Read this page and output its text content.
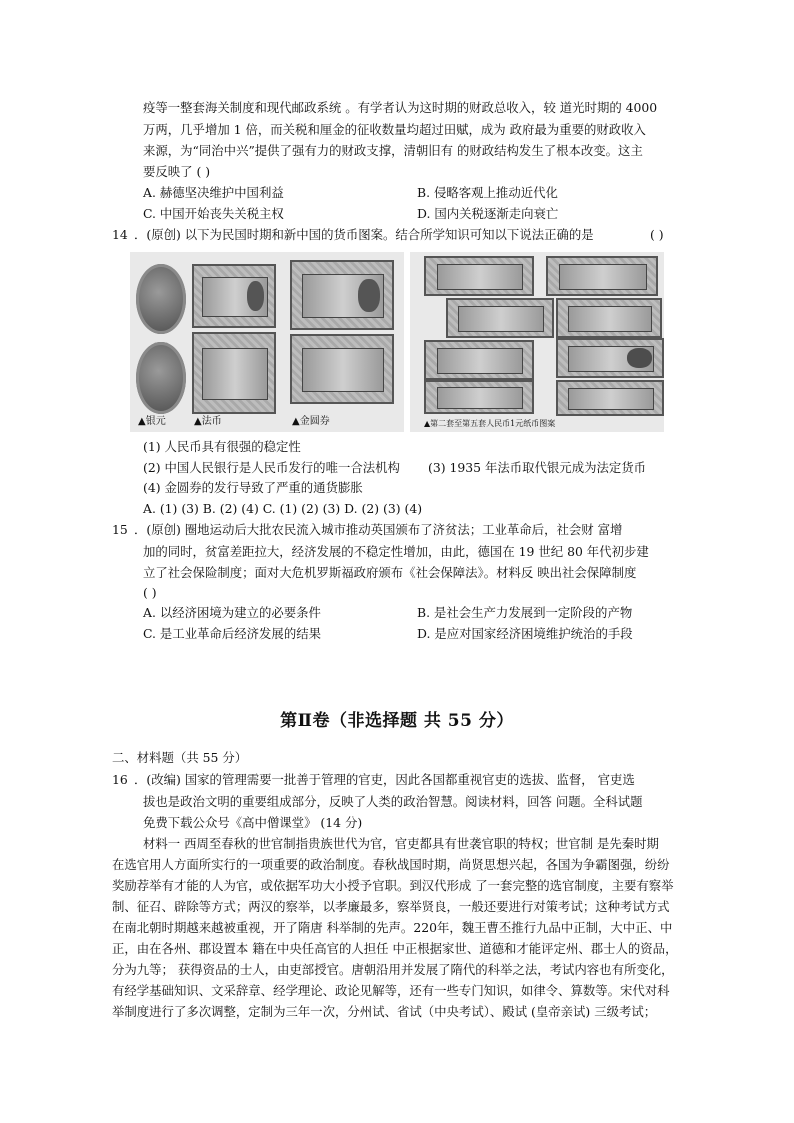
疫等一整套海关制度和现代邮政系统 。有学者认为这时期的财政总收入，较 道光时期的 4000
万两，几乎增加 1 倍，而关税和厘金的征收数量均超过田赋，成为 政府最为重要的财政收入
来源，为“同治中兴”提供了强有力的财政支撑，清朝旧有 的财政结构发生了根本改变。这主
要反映了 ( )
A. 赫德坚决维护中国利益	B. 侵略客观上推动近代化
C. 中国开始丧失关税主权	D. 国内关税逐渐走向衰亡
14 ．(原创) 以下为民国时期和新中国的货币图案。结合所学知识可知以下说法正确的是	( )
▲银元	▲法币	▲金圆券	▲第二套至第五套人民币1元纸币图案
(1) 人民币具有很强的稳定性
(2) 中国人民银行是人民币发行的唯一合法机构 (3) 1935 年法币取代银元成为法定货币
(4) 金圆券的发行导致了严重的通货膨胀
A. (1) (3) B. (2) (4) C. (1) (2) (3) D. (2) (3) (4)
15 ．(原创) 圈地运动后大批农民流入城市推动英国颁布了济贫法；工业革命后，社会财 富增
加的同时，贫富差距拉大，经济发展的不稳定性增加，由此，德国在 19 世纪 80 年代初步建
立了社会保险制度；面对大危机罗斯福政府颁布《社会保障法》。材料反 映出社会保障制度
( )
A. 以经济困境为建立的必要条件	B. 是社会生产力发展到一定阶段的产物
C. 是工业革命后经济发展的结果	D. 是应对国家经济困境维护统治的手段
第Ⅱ卷（非选择题 共 55 分）
二、材料题（共 55 分）
16 ．(改编) 国家的管理需要一批善于管理的官吏，因此各国都重视官吏的选拔、监督， 官吏选
拔也是政治文明的重要组成部分，反映了人类的政治智慧。阅读材料，回答 问题。全科试题
免费下载公众号《高中僧课堂》 (14 分)
材料一 西周至春秋的世官制指贵族世代为官，官吏都具有世袭官职的特权；世官制 是先秦时期
在选官用人方面所实行的一项重要的政治制度。春秋战国时期，尚贤思想兴起，各国为争霸图强，纷纷
奖励荐举有才能的人为官，或依据军功大小授予官职。到汉代形成 了一套完整的选官制度，主要有察举
制、征召、辟除等方式；两汉的察举，以孝廉最多，察举贤良，一般还要进行对策考试；这种考试方式
在南北朝时期越来越被重视，开了隋唐 科举制的先声。220年，魏王曹丕推行九品中正制，大中正、中
正，由在各州、郡设置本 籍在中央任高官的人担任 中正根据家世、道德和才能评定州、郡士人的资品，
分为九等； 获得资品的士人，由吏部授官。唐朝沿用并发展了隋代的科举之法，考试内容也有所变化，
有经学基础知识、文采辞章、经学理论、政论见解等，还有一些专门知识，如律令、算数等。宋代对科
举制度进行了多次调整，定制为三年一次，分州试、省试（中央考试）、殿试 (皇帝亲试) 三级考试；
